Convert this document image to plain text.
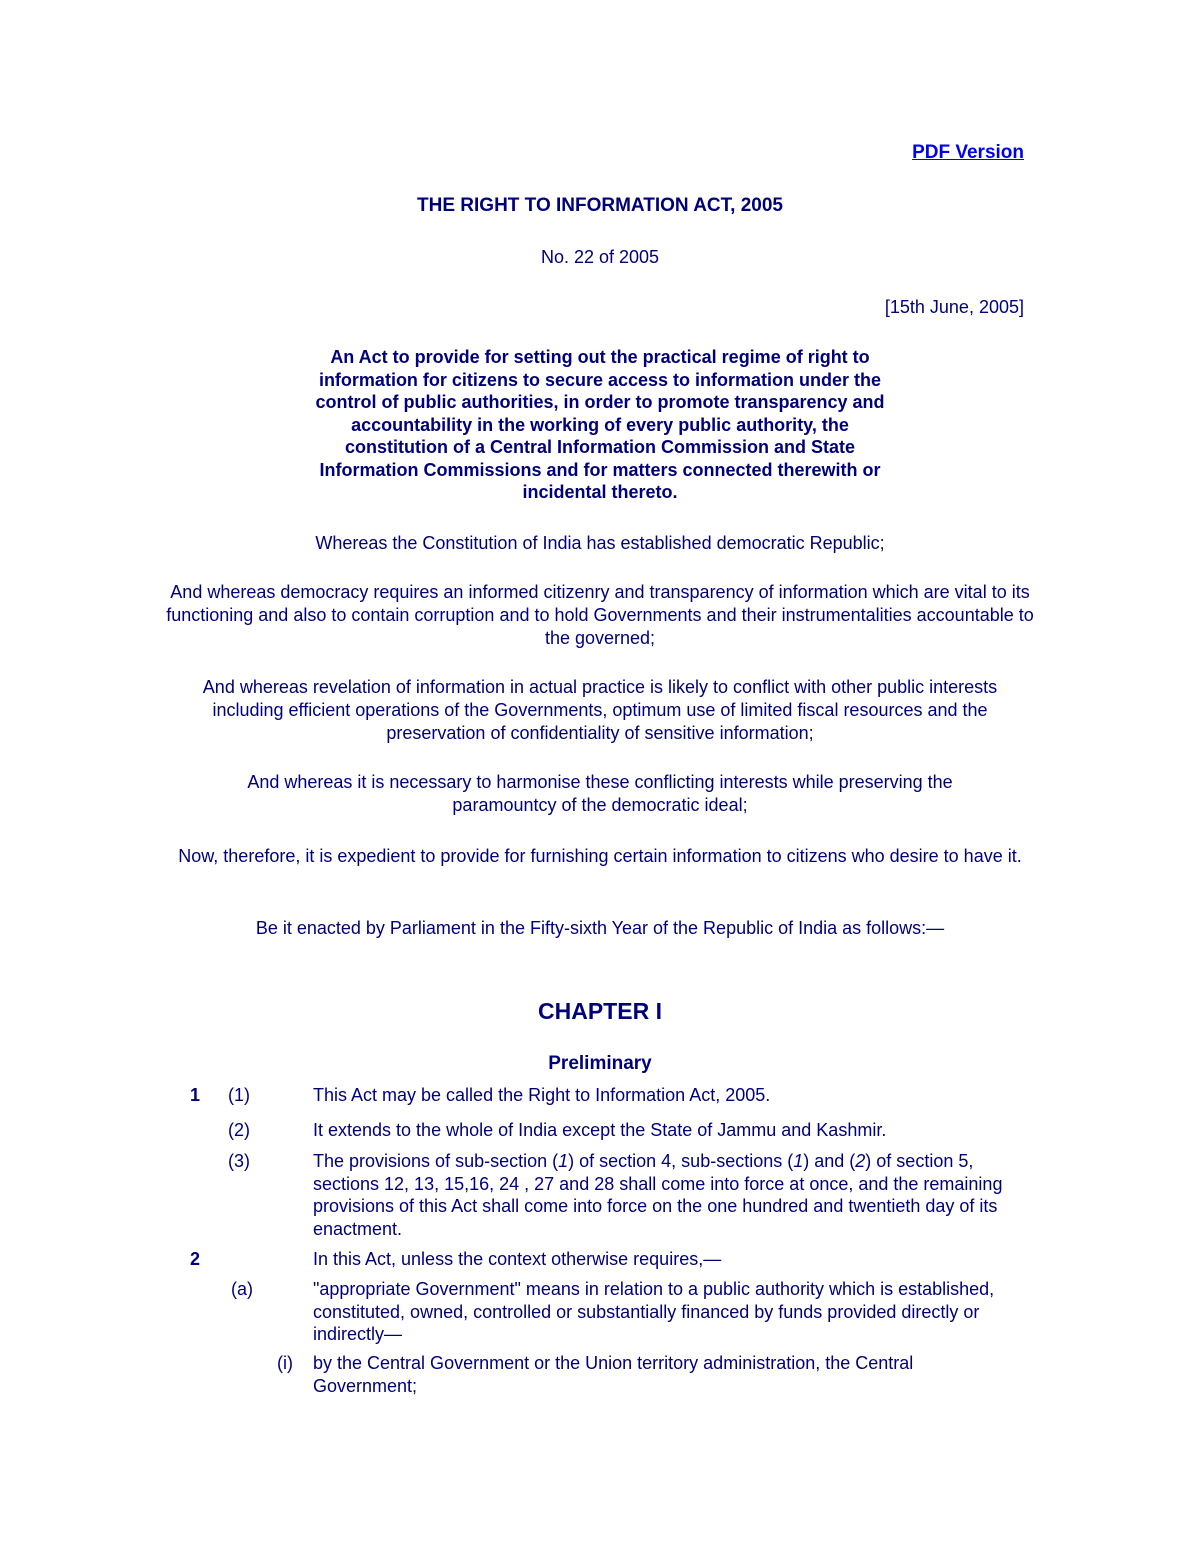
PDF Version
THE RIGHT TO INFORMATION ACT, 2005
No. 22 of 2005
[15th June, 2005]
An Act to provide for setting out the practical regime of right to information for citizens to secure access to information under the control of public authorities, in order to promote transparency and accountability in the working of every public authority, the constitution of a Central Information Commission and State Information Commissions and for matters connected therewith or incidental thereto.
Whereas the Constitution of India has established democratic Republic;
And whereas democracy requires an informed citizenry and transparency of information which are vital to its functioning and also to contain corruption and to hold Governments and their instrumentalities accountable to the governed;
And whereas revelation of information in actual practice is likely to conflict with other public interests including efficient operations of the Governments, optimum use of limited fiscal resources and the preservation of confidentiality of sensitive information;
And whereas it is necessary to harmonise these conflicting interests while preserving the paramountcy of the democratic ideal;
Now, therefore, it is expedient to provide for furnishing certain information to citizens who desire to have it.
Be it enacted by Parliament in the Fifty-sixth Year of the Republic of India as follows:—
CHAPTER I
Preliminary
1 (1)	This Act may be called the Right to Information Act, 2005.
(2)	It extends to the whole of India except the State of Jammu and Kashmir.
(3)	The provisions of sub-section (1) of section 4, sub-sections (1) and (2) of section 5, sections 12, 13, 15,16, 24 , 27 and 28 shall come into force at once, and the remaining provisions of this Act shall come into force on the one hundred and twentieth day of its enactment.
2	In this Act, unless the context otherwise requires,—
(a)	"appropriate Government" means in relation to a public authority which is established, constituted, owned, controlled or substantially financed by funds provided directly or indirectly—
(i) by the Central Government or the Union territory administration, the Central Government;
